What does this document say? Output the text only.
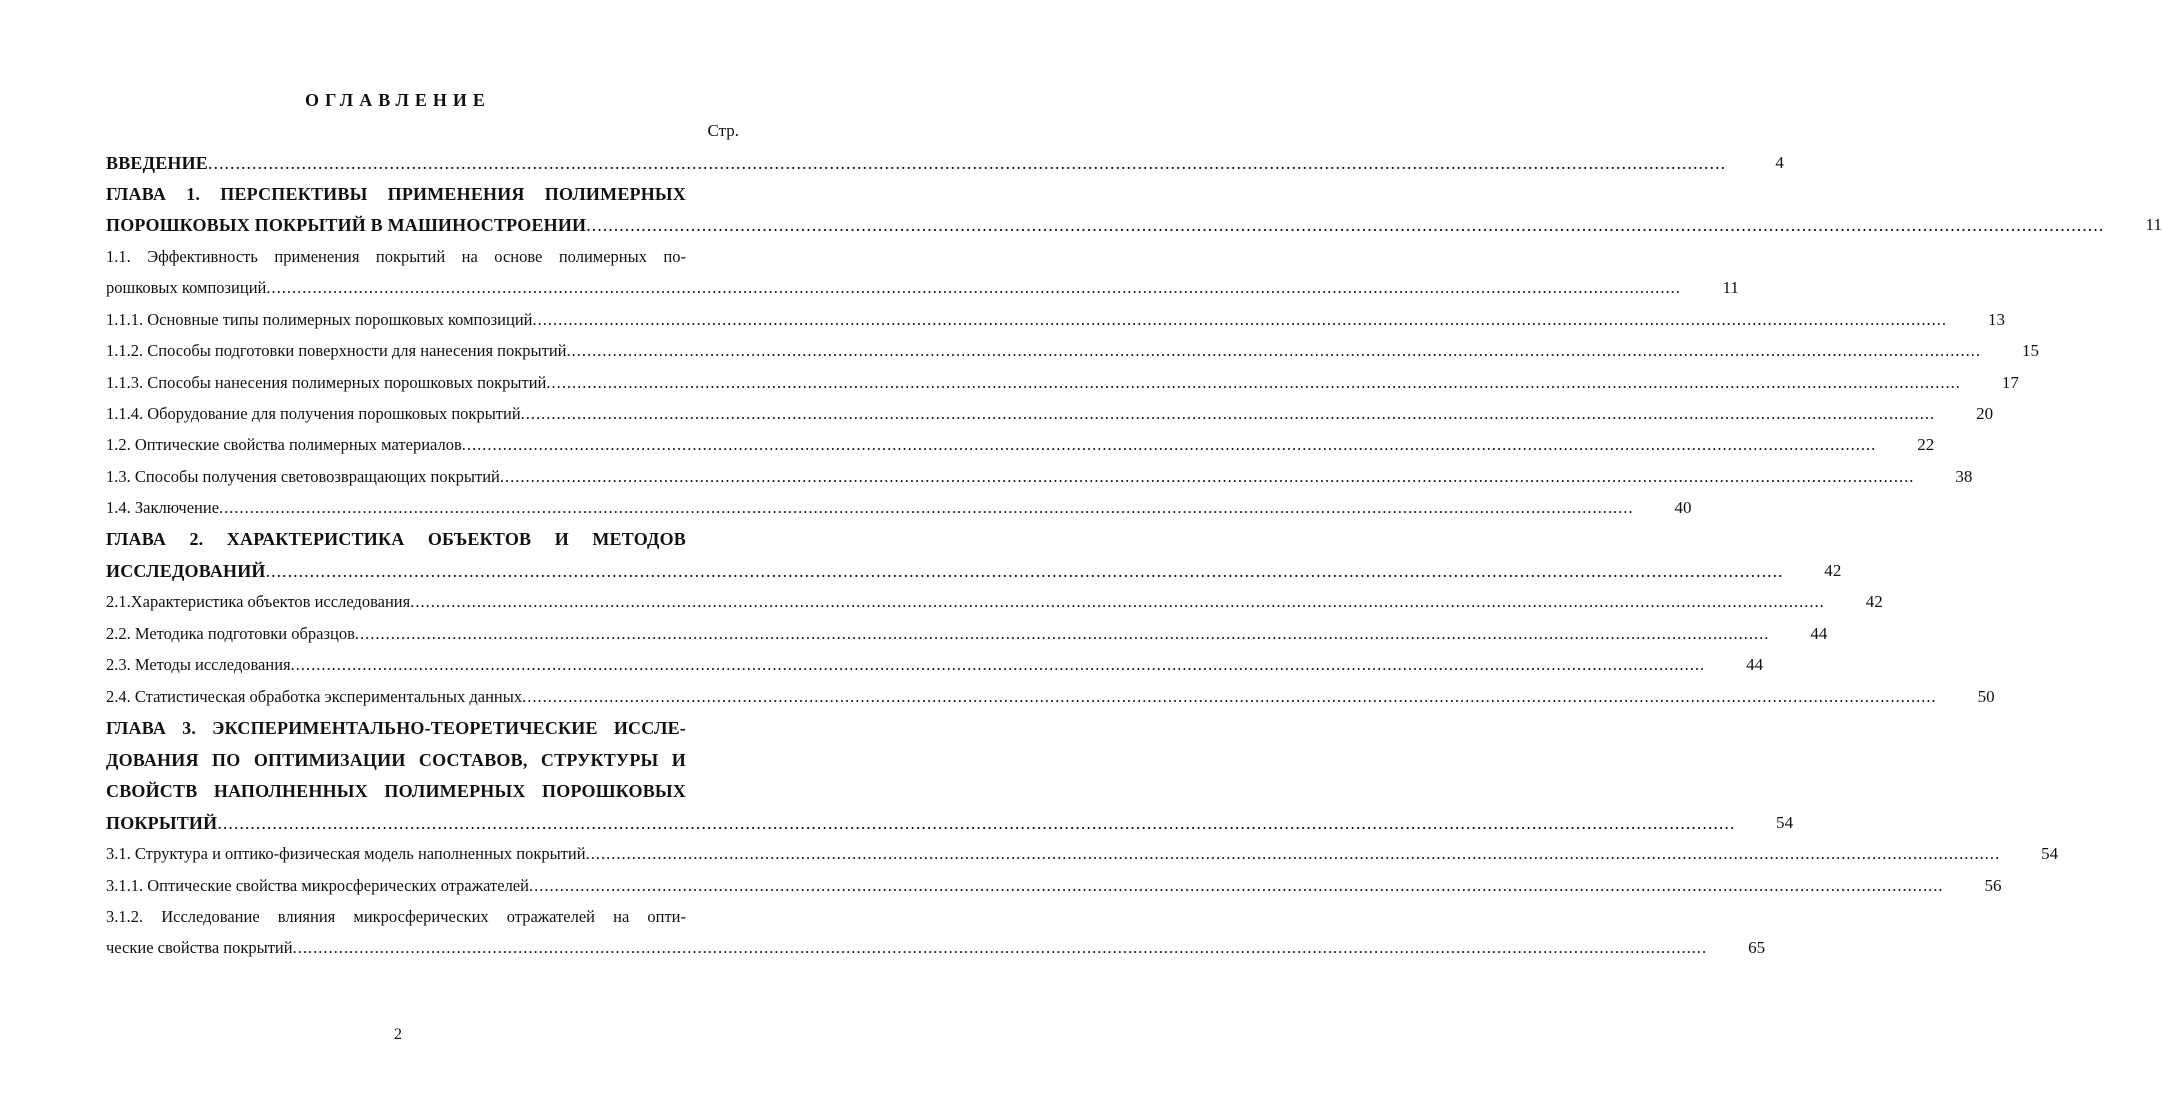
ОГЛАВЛЕНИЕ
Стр.
ВВЕДЕНИЕ .....	4
ГЛАВА 1. ПЕРСПЕКТИВЫ ПРИМЕНЕНИЯ ПОЛИМЕРНЫХ
ПОРОШКОВЫХ ПОКРЫТИЙ В МАШИНОСТРОЕНИИ .....	11
1.1. Эффективность применения покрытий на основе полимерных по-
рошковых композиций .....	11
1.1.1. Основные типы полимерных порошковых композиций .....	13
1.1.2. Способы подготовки поверхности для нанесения покрытий .....	15
1.1.3. Способы нанесения полимерных порошковых покрытий .....	17
1.1.4. Оборудование для получения порошковых покрытий .....	20
1.2. Оптические свойства полимерных материалов .....	22
1.3. Способы получения световозвращающих покрытий .....	38
1.4. Заключение .....	40
ГЛАВА 2. ХАРАКТЕРИСТИКА ОБЪЕКТОВ И МЕТОДОВ
ИССЛЕДОВАНИЙ .....	42
2.1.Характеристика объектов исследования .....	42
2.2. Методика подготовки образцов .....	44
2.3. Методы исследования .....	44
2.4. Статистическая обработка экспериментальных данных .....	50
ГЛАВА 3. ЭКСПЕРИМЕНТАЛЬНО-ТЕОРЕТИЧЕСКИЕ ИССЛЕ-
ДОВАНИЯ ПО ОПТИМИЗАЦИИ СОСТАВОВ, СТРУКТУРЫ И
СВОЙСТВ НАПОЛНЕННЫХ ПОЛИМЕРНЫХ ПОРОШКОВЫХ
ПОКРЫТИЙ .....	54
3.1. Структура и оптико-физическая модель наполненных покрытий .....	54
3.1.1. Оптические свойства микросферических отражателей .....	56
3.1.2. Исследование влияния микросферических отражателей на опти-
ческие свойства покрытий .....	65
2
